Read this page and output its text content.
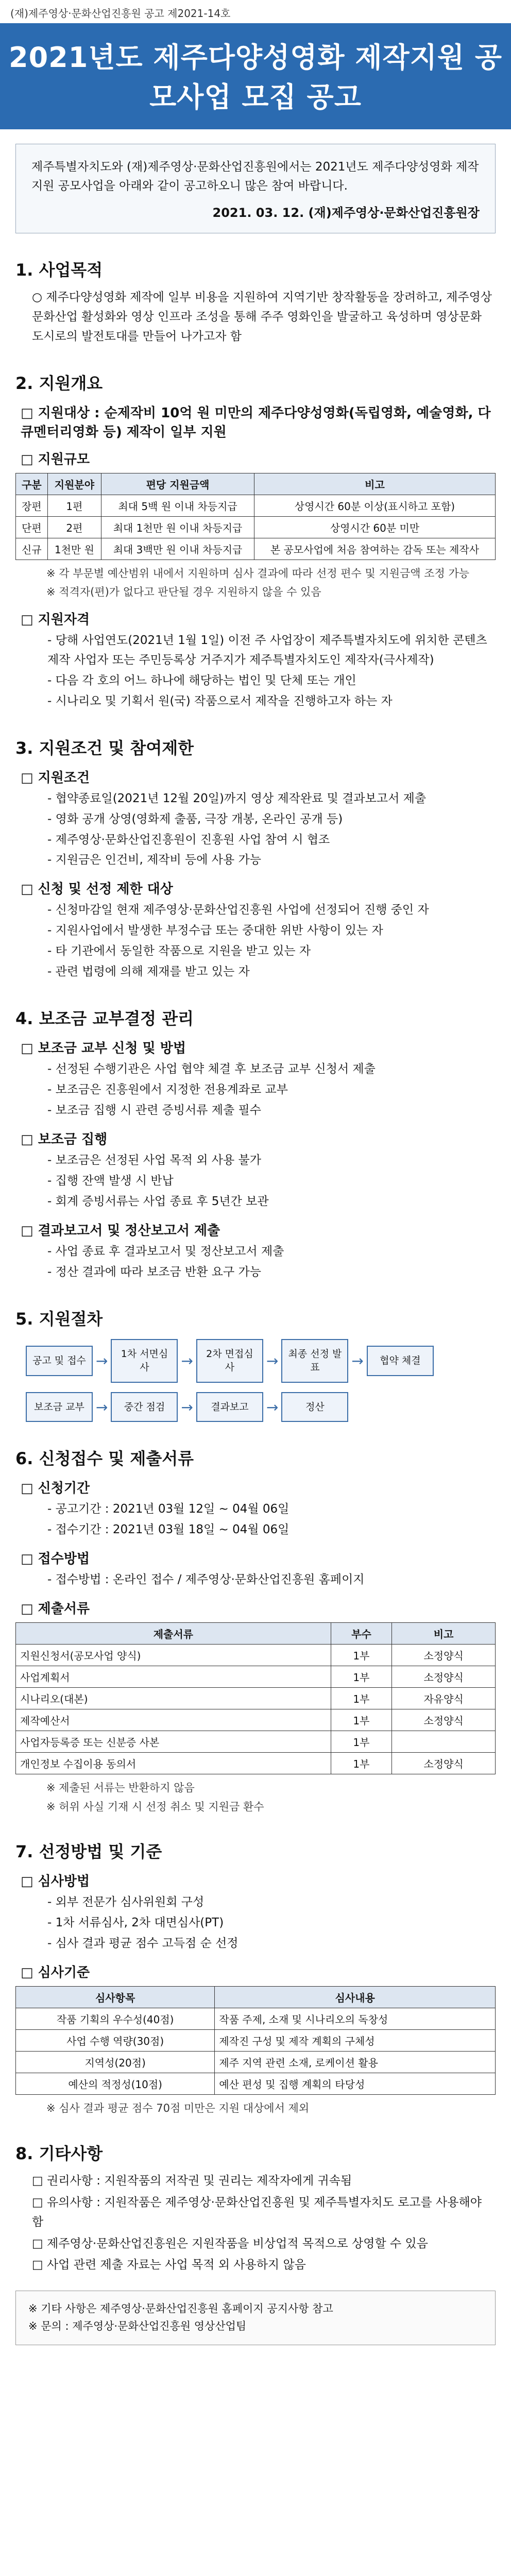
(재)제주영상·문화산업진흥원 공고 제2021-14호
2021년도 제주다양성영화 제작지원 공모사업 모집 공고
제주특별자치도와 (재)제주영상·문화산업진흥원에서는 2021년도 제주다양성영화 제작지원 공모사업을 아래와 같이 공고하오니 많은 참여 바랍니다.
2021. 03. 12. (재)제주영상·문화산업진흥원장
1. 사업목적
○ 제주다양성영화 제작에 일부 비용을 지원하여 지역기반 창작활동을 장려하고, 제주영상문화산업 활성화와 영상 인프라 조성을 통해 주주 영화인을 발굴하고 육성하며 영상문화 도시로의 발전토대를 만들어 나가고자 함
2. 지원개요
□ 지원대상 : 순제작비 10억 원 미만의 제주다양성영화(독립영화, 예술영화, 다큐멘터리영화 등) 제작이 일부 지원
□ 지원규모
구분	지원분야	편당 지원금액	비고
장편	1편	최대 5백 원 이내 차등지급	상영시간 60분 이상(표시하고 포함)
단편	2편	최대 1천만 원 이내 차등지급	상영시간 60분 미만
신규	1천만 원	최대 3백만 원 이내 차등지급	본 공모사업에 처음 참여하는 감독 또는 제작사
※ 각 부문별 예산범위 내에서 지원하며 심사 결과에 따라 선정 편수 및 지원금액 조정 가능
※ 적격자(편)가 없다고 판단될 경우 지원하지 않을 수 있음
□ 지원자격
- 당해 사업연도(2021년 1월 1일) 이전 주 사업장이 제주특별자치도에 위치한 콘텐츠제작 사업자 또는 주민등록상 거주지가 제주특별자치도인 제작자(극사제작)
- 다음 각 호의 어느 하나에 해당하는 법인 및 단체 또는 개인
- 시나리오 및 기획서 원(국) 작품으로서 제작을 진행하고자 하는 자
3. 지원조건 및 참여제한
□ 지원조건
- 협약종료일(2021년 12월 20일)까지 영상 제작완료 및 결과보고서 제출
- 영화 공개 상영(영화제 출품, 극장 개봉, 온라인 공개 등)
- 제주영상·문화산업진흥원이 진흥원 사업 참여 시 협조
- 지원금은 인건비, 제작비 등에 사용 가능
□ 신청 및 선정 제한 대상
- 신청마감일 현재 제주영상·문화산업진흥원 사업에 선정되어 진행 중인 자
- 지원사업에서 발생한 부정수급 또는 중대한 위반 사항이 있는 자
- 타 기관에서 동일한 작품으로 지원을 받고 있는 자
- 관련 법령에 의해 제재를 받고 있는 자
4. 보조금 교부결정 관리
□ 보조금 교부 신청 및 방법
- 선정된 수행기관은 사업 협약 체결 후 보조금 교부 신청서 제출
- 보조금은 진흥원에서 지정한 전용계좌로 교부
- 보조금 집행 시 관련 증빙서류 제출 필수
□ 보조금 집행
- 보조금은 선정된 사업 목적 외 사용 불가
- 집행 잔액 발생 시 반납
- 회계 증빙서류는 사업 종료 후 5년간 보관
□ 결과보고서 및 정산보고서 제출
- 사업 종료 후 결과보고서 및 정산보고서 제출
- 정산 결과에 따라 보조금 반환 요구 가능
5. 지원절차
공고 및 접수 →	1차 서면심사	→	2차 면접심사	→	최종 선정 발표	→	협약 체결
보조금 교부 →	중간 점검	→	결과보고	→	정산
6. 신청접수 및 제출서류
□ 신청기간
- 공고기간 : 2021년 03월 12일 ~ 04월 06일
- 접수기간 : 2021년 03월 18일 ~ 04월 06일
□ 접수방법
- 접수방법 : 온라인 접수 / 제주영상·문화산업진흥원 홈페이지
□ 제출서류
제출서류	부수	비고
지원신청서(공모사업 양식)	1부	소정양식
사업계획서	1부	소정양식
시나리오(대본)	1부	자유양식
제작예산서	1부	소정양식
사업자등록증 또는 신분증 사본	1부	
개인정보 수집이용 동의서	1부	소정양식
※ 제출된 서류는 반환하지 않음
※ 허위 사실 기재 시 선정 취소 및 지원금 환수
7. 선정방법 및 기준
□ 심사방법
- 외부 전문가 심사위원회 구성
- 1차 서류심사, 2차 대면심사(PT)
- 심사 결과 평균 점수 고득점 순 선정
□ 심사기준
심사항목	심사내용
작품 기획의 우수성(40점)	작품 주제, 소재 및 시나리오의 독창성
사업 수행 역량(30점)	제작진 구성 및 제작 계획의 구체성
지역성(20점)	제주 지역 관련 소재, 로케이션 활용
예산의 적정성(10점)	예산 편성 및 집행 계획의 타당성
※ 심사 결과 평균 점수 70점 미만은 지원 대상에서 제외
8. 기타사항
□ 권리사항 : 지원작품의 저작권 및 권리는 제작자에게 귀속됨
□ 유의사항 : 지원작품은 제주영상·문화산업진흥원 및 제주특별자치도 로고를 사용해야 함
□ 제주영상·문화산업진흥원은 지원작품을 비상업적 목적으로 상영할 수 있음
□ 사업 관련 제출 자료는 사업 목적 외 사용하지 않음
※ 기타 사항은 제주영상·문화산업진흥원 홈페이지 공지사항 참고
※ 문의 : 제주영상·문화산업진흥원 영상산업팀
